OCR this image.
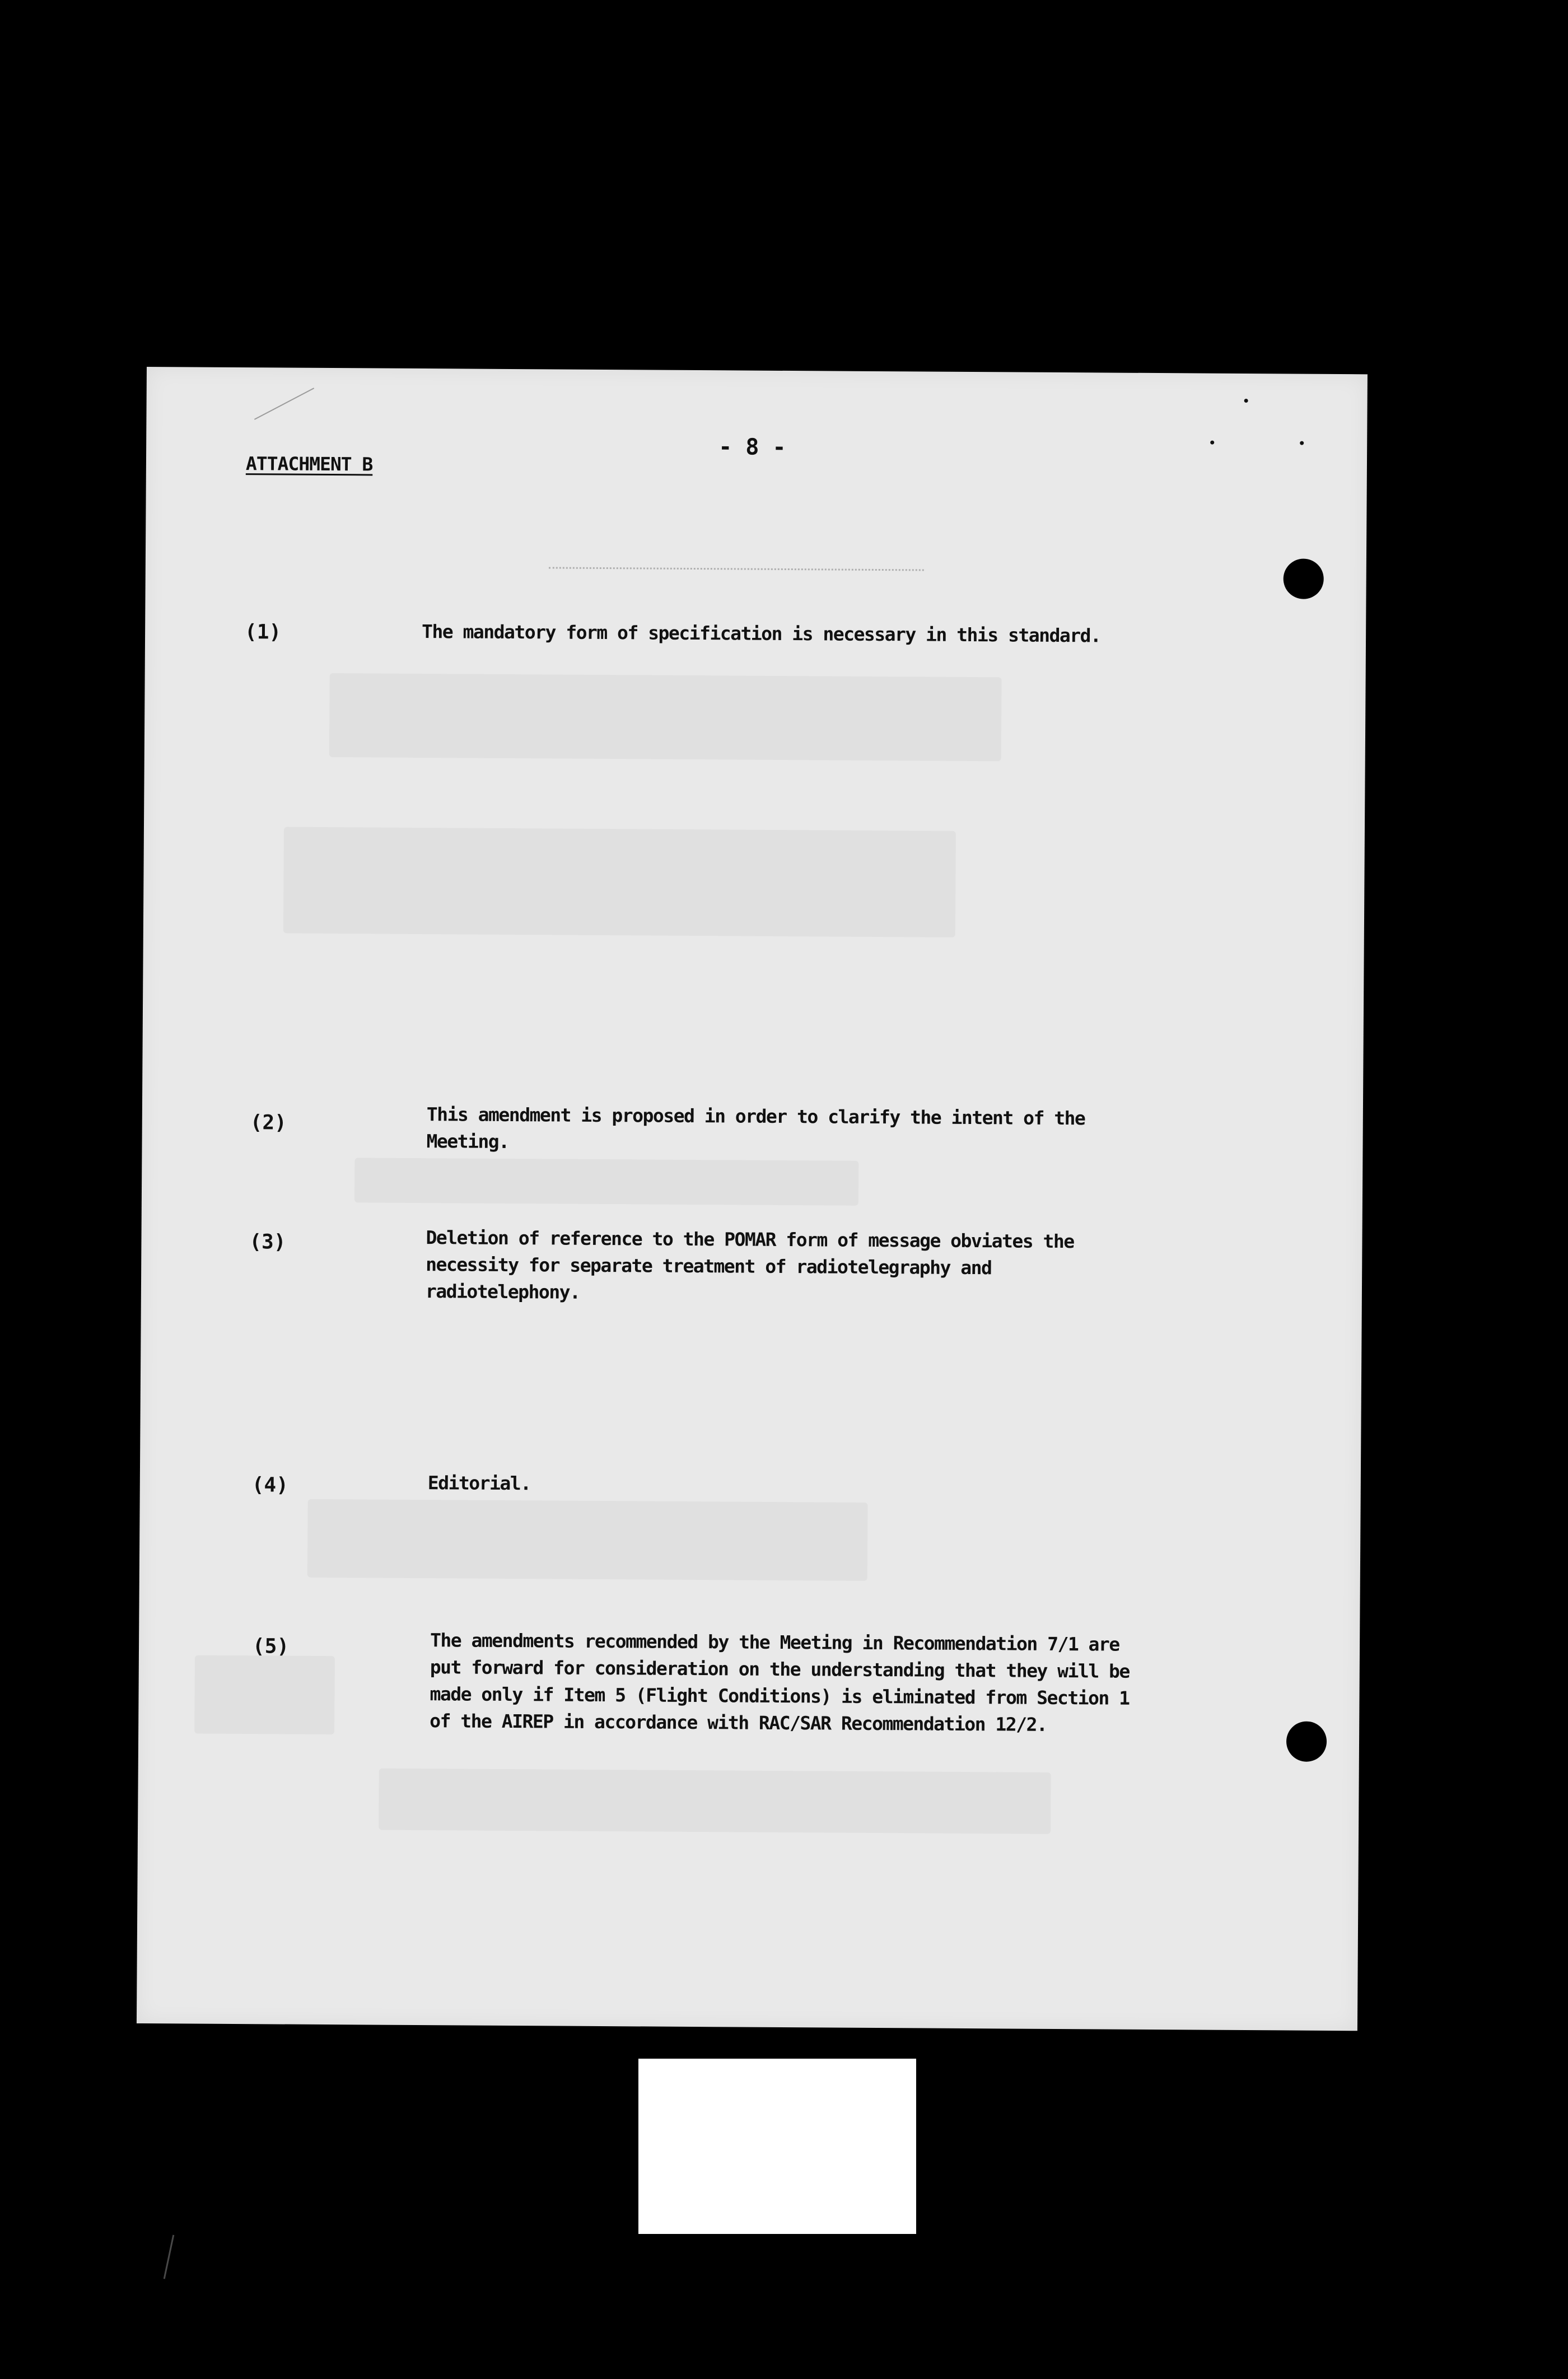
ATTACHMENT B
- 8 -
(1)	The mandatory form of specification is necessary in this standard.
(2)	This amendment is proposed in order to clarify the intent of the
Meeting.
(3)	Deletion of reference to the POMAR form of message obviates the
necessity for separate treatment of radiotelegraphy and
radiotelephony.
(4)	Editorial.
(5)	The amendments recommended by the Meeting in Recommendation 7/1 are
put forward for consideration on the understanding that they will be
made only if Item 5 (Flight Conditions) is eliminated from Section 1
of the AIREP in accordance with RAC/SAR Recommendation 12/2.
